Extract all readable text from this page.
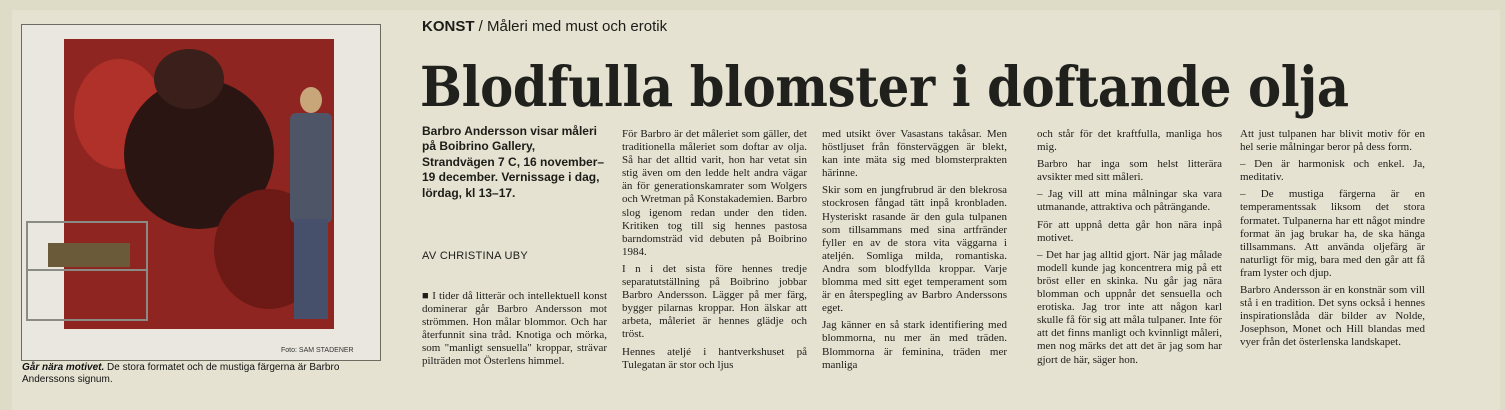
Foto: SAM STADENER
Går nära motivet. De stora formatet och de mustiga färgerna är Barbro Anderssons signum.
KONST / Måleri med must och erotik
Blodfulla blomster i doftande olja
Barbro Andersson visar måleri på Boibrino Gallery, Strandvägen 7 C, 16 november–19 december. Vernissage i dag, lördag, kl 13–17.
AV CHRISTINA UBY

■ I tider då litterär och intellektuell konst dominerar går Barbro Andersson mot strömmen. Hon målar blommor. Och har återfunnit sina tråd. Knotiga och mörka, som "manligt sensuella" kroppar, strävar pilträden mot Österlens himmel.

För Barbro är det måleriet som gäller, det traditionella måleriet som doftar av olja. Så har det alltid varit, hon har vetat sin stig även om den ledde helt andra vägar än för generationskamrater som Wolgers och Wretman på Konstakademien. Barbro slog igenom redan under den tiden. Kritiken tog till sig hennes pastosa barndomsträd vid debuten på Boibrino 1984.

I n i det sista före hennes tredje separatutställning på Boibrino jobbar Barbro Andersson. Lägger på mer färg, bygger pilarnas kroppar. Hon älskar att arbeta, måleriet är hennes glädje och tröst.

Hennes ateljé i hantverkshuset på Tulegatan är stor och ljus

med utsikt över Vasastans takåsar. Men höstljuset från fönsterväggen är blekt, kan inte mäta sig med blomsterprakten härinne.

Skir som en jungfrubrud är den blekrosa stockrosen fångad tätt inpå kronbladen. Hysteriskt rasande är den gula tulpanen som tillsammans med sina artfränder fyller en av de stora vita väggarna i ateljén. Somliga milda, romantiska. Andra som blodfyllda kroppar. Varje blomma med sitt eget temperament som är en återspegling av Barbro Anderssons eget.

Jag känner en så stark identifiering med blommorna, nu mer än med träden. Blommorna är feminina, träden mer manliga

och står för det kraftfulla, manliga hos mig.

Barbro har inga som helst litterära avsikter med sitt måleri.

– Jag vill att mina målningar ska vara utmanande, attraktiva och påträngande.

För att uppnå detta går hon nära inpå motivet.

– Det har jag alltid gjort. När jag målade modell kunde jag koncentrera mig på ett bröst eller en skinka. Nu går jag nära blomman och uppnår det sensuella och erotiska. Jag tror inte att någon karl skulle få för sig att måla tulpaner. Inte för att det finns manligt och kvinnligt måleri, men nog märks det att det är jag som har gjort de här, säger hon.

Att just tulpanen har blivit motiv för en hel serie målningar beror på dess form.

– Den är harmonisk och enkel. Ja, meditativ.

– De mustiga färgerna är en temperamentssak liksom det stora formatet. Tulpanerna har ett något mindre format än jag brukar ha, de ska hänga tillsammans. Att använda oljefärg är naturligt för mig, bara med den går att få fram lyster och djup.

Barbro Andersson är en konstnär som vill stå i en tradition. Det syns också i hennes inspirationslåda där bilder av Nolde, Josephson, Monet och Hill blandas med vyer från det österlenska landskapet.
